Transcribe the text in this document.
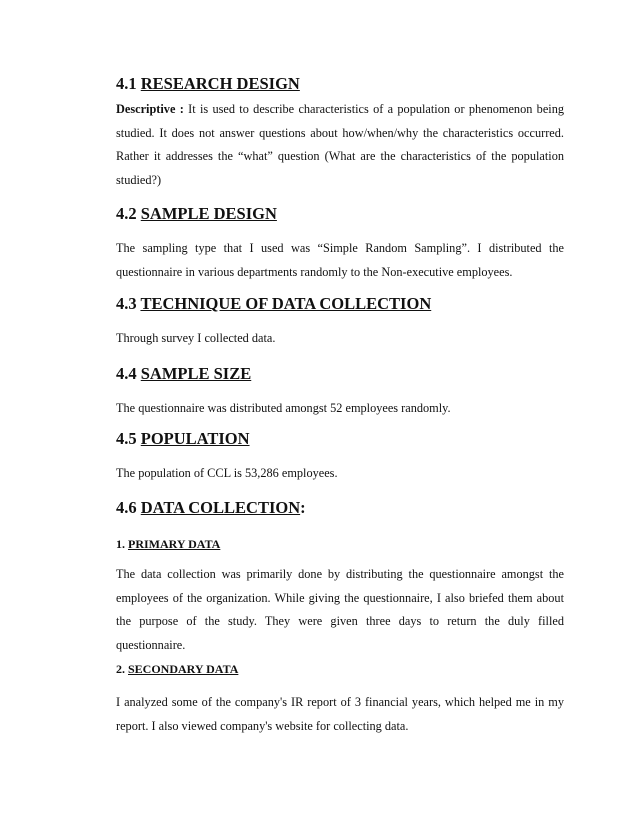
4.1 RESEARCH DESIGN
Descriptive : It is used to describe characteristics of a population or phenomenon being studied. It does not answer questions about how/when/why the characteristics occurred. Rather it addresses the “what” question (What are the characteristics of the population studied?)
4.2 SAMPLE DESIGN
The sampling type that I used was “Simple Random Sampling”. I distributed the questionnaire in various departments randomly to the Non-executive employees.
4.3 TECHNIQUE OF DATA COLLECTION
Through survey I collected data.
4.4 SAMPLE SIZE
The questionnaire was distributed amongst 52 employees randomly.
4.5 POPULATION
The population of CCL is 53,286 employees.
4.6 DATA COLLECTION:
1. PRIMARY DATA
The data collection was primarily done by distributing the questionnaire amongst the employees of the organization. While giving the questionnaire, I also briefed them about the purpose of the study. They were given three days to return the duly filled questionnaire.
2. SECONDARY DATA
I analyzed some of the company's IR report of 3 financial years, which helped me in my report. I also viewed company's website for collecting data.
